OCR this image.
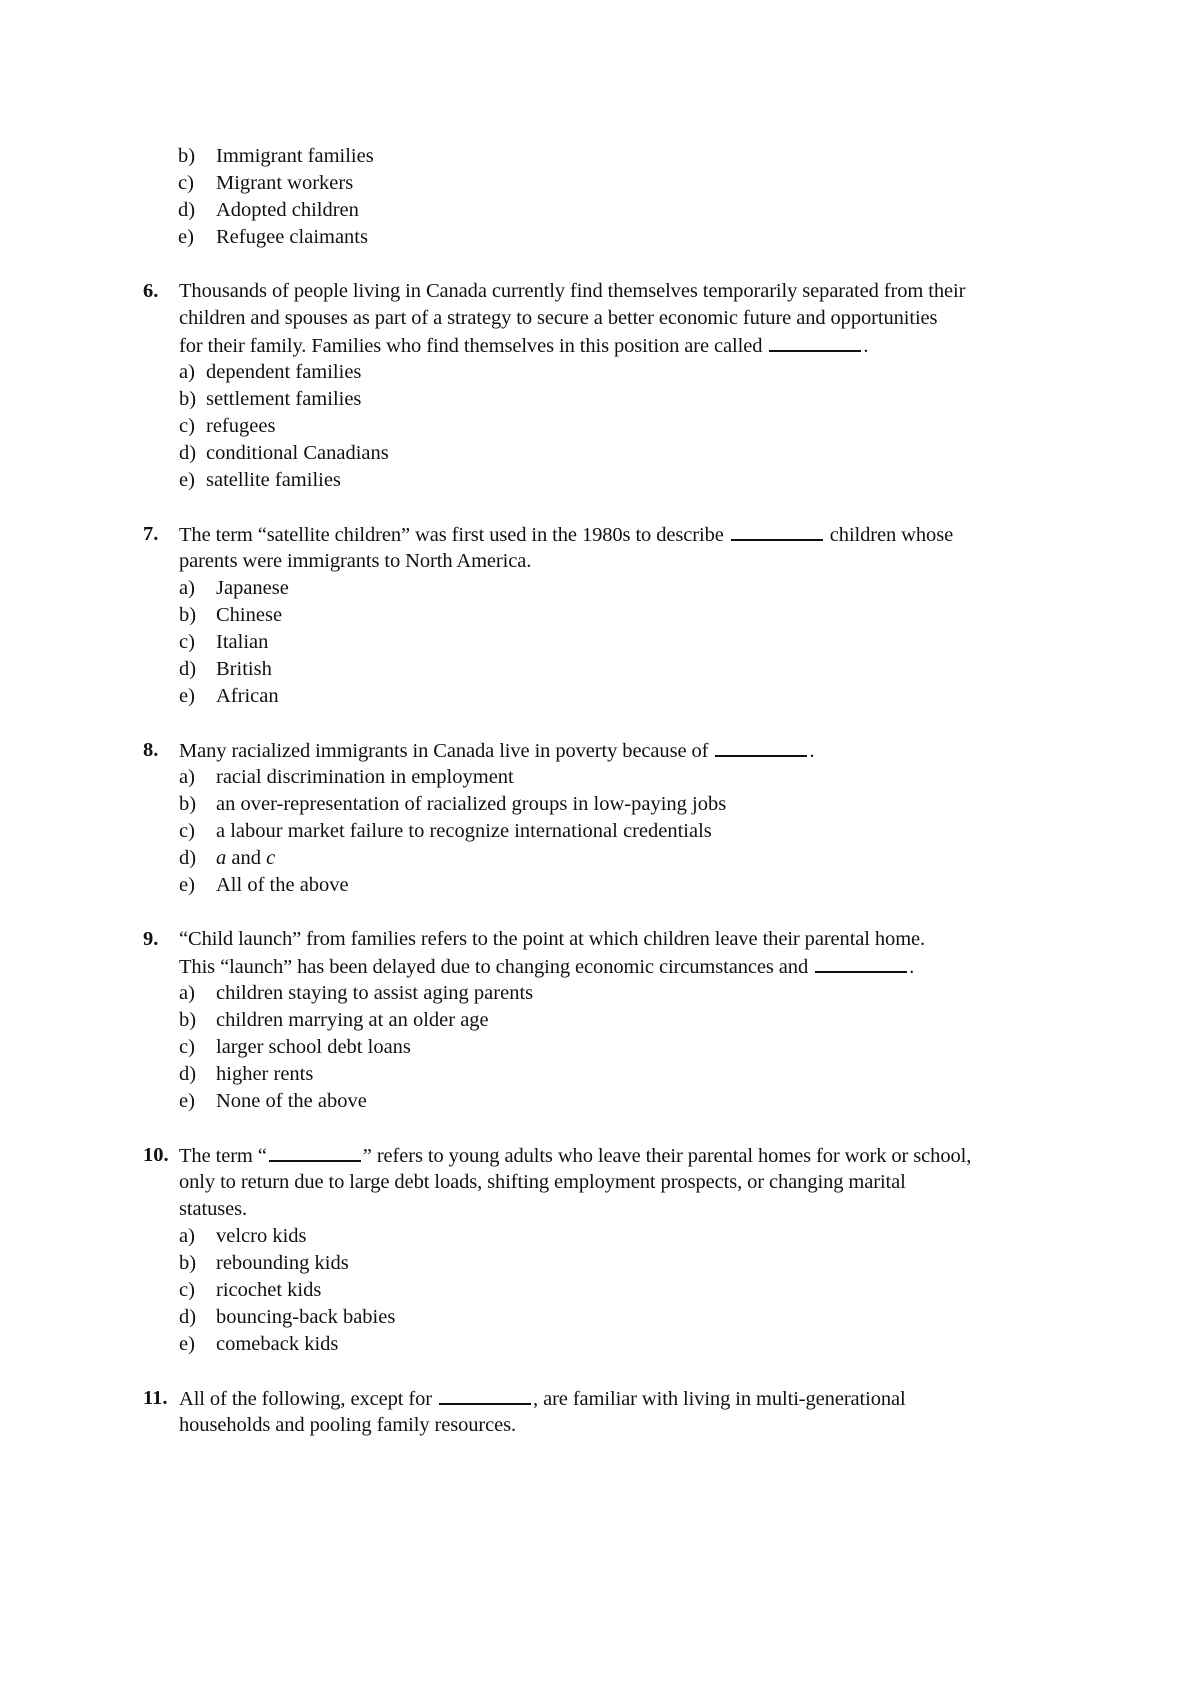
b) Immigrant families
c) Migrant workers
d) Adopted children
e) Refugee claimants
6. Thousands of people living in Canada currently find themselves temporarily separated from their
children and spouses as part of a strategy to secure a better economic future and opportunities
for their family. Families who find themselves in this position are called	.
a) dependent families
b) settlement families
c) refugees
d) conditional Canadians
e) satellite families
7. The term “satellite children” was first used in the 1980s to describe	children whose
parents were immigrants to North America.
a) Japanese
b) Chinese
c) Italian
d) British
e) African
8. Many racialized immigrants in Canada live in poverty because of	.
a) racial discrimination in employment
b) an over-representation of racialized groups in low-paying jobs
c) a labour market failure to recognize international credentials
d) a and c
e) All of the above
9. “Child launch” from families refers to the point at which children leave their parental home.
This “launch” has been delayed due to changing economic circumstances and	.
a) children staying to assist aging parents
b) children marrying at an older age
c) larger school debt loans
d) higher rents
e) None of the above
10. The term “	” refers to young adults who leave their parental homes for work or school,
only to return due to large debt loads, shifting employment prospects, or changing marital
statuses.
a) velcro kids
b) rebounding kids
c) ricochet kids
d) bouncing-back babies
e) comeback kids
11. All of the following, except for	, are familiar with living in multi-generational
households and pooling family resources.
